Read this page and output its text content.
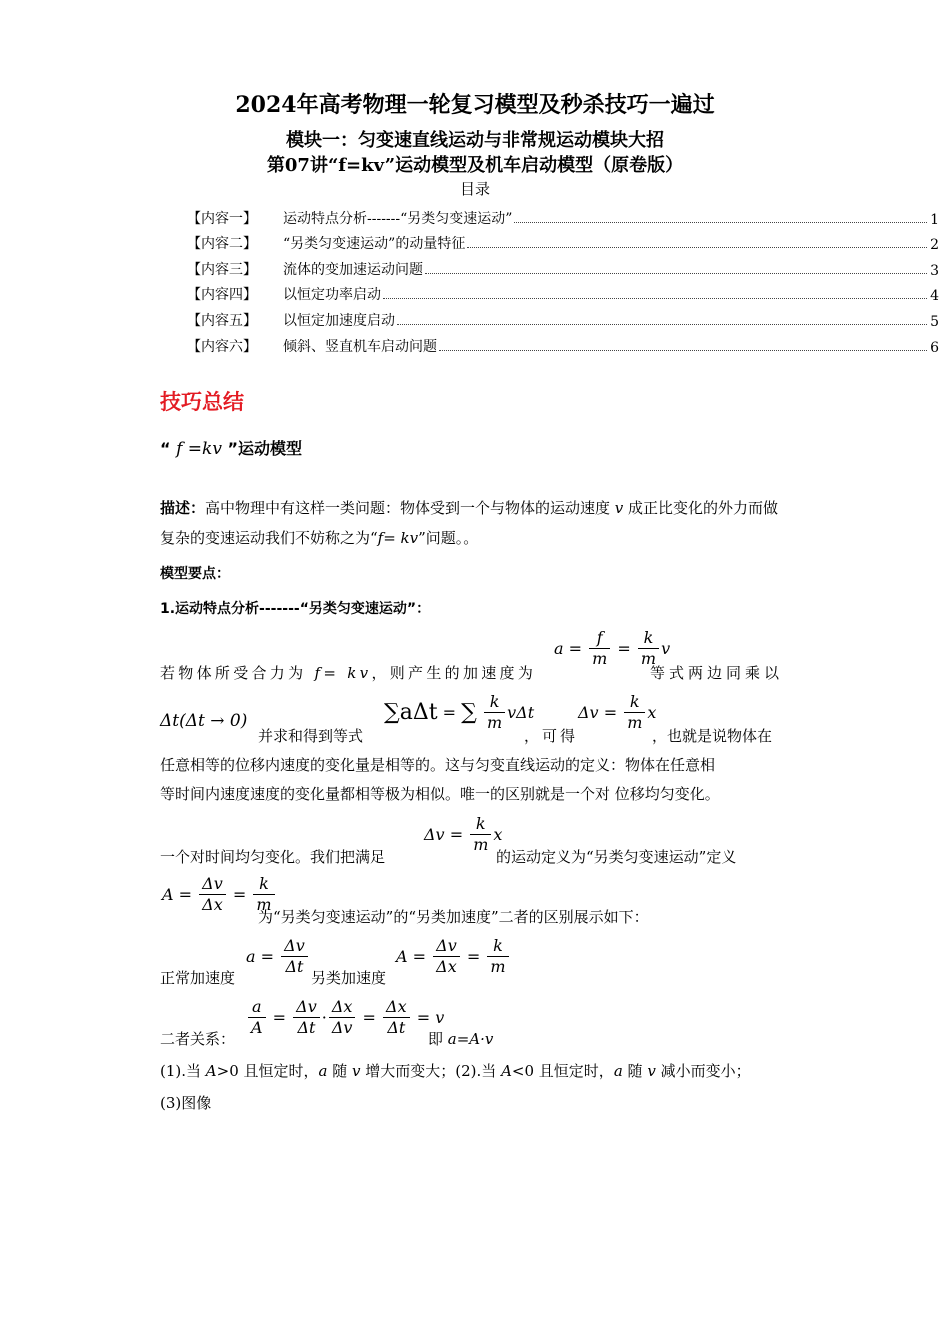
2024年高考物理一轮复习模型及秒杀技巧一遍过
模块一：匀变速直线运动与非常规运动模块大招
第07讲“f=kv”运动模型及机车启动模型（原卷版）
目录
【内容一】	运动特点分析-------“另类匀变速运动”	1
【内容二】	“另类匀变速运动”的动量特征	2
【内容三】	流体的变加速运动问题	3
【内容四】	以恒定功率启动	4
【内容五】	以恒定加速度启动	5
【内容六】	倾斜、竖直机车启动问题	6
技巧总结
“ f =kv ”运动模型
描述：高中物理中有这样一类问题：物体受到一个与物体的运动速度 v 成正比变化的外力而做复杂的变速运动我们不妨称之为“f= kv”问题。。
模型要点：
1.运动特点分析-------“另类匀变速运动”：
$a = \frac{f}{m} = \frac{k}{m}$ v
若物体所受合力为 f= kv，则产生的加速度为	等式两边同乘以
Δt(Δt → 0)
并求和得到等式
∑aΔt = ∑ $\frac{k}{m}$ vΔt
，可得
$\Delta v = \frac{k}{m}$ x
，也就是说物体在
任意相等的位移内速度的变化量是相等的。这与匀变直线运动的定义：物体在任意相
等时间内速度速度的变化量都相等极为相似。唯一的区别就是一个对 位移均匀变化。
一个对时间均匀变化。我们把满足
$\Delta v = \frac{k}{m}$ x
的运动定义为“另类匀变速运动”定义
$A = \frac{\Delta v}{\Delta x} = \frac{k}{m}$
为“另类匀变速运动”的“另类加速度”二者的区别展示如下：
正常加速度
$a = \frac{\Delta v}{\Delta t}$
另类加速度
$A = \frac{\Delta v}{\Delta x} = \frac{k}{m}$
二者关系：
$\frac{a}{A} = \frac{\Delta v}{\Delta t} \cdot \frac{\Delta x}{\Delta v} = \frac{\Delta x}{\Delta t} = v$
即 a=A·v
(1).当 A>0 且恒定时，a 随 v 增大而变大；(2).当 A<0 且恒定时，a 随 v 减小而变小；
(3)图像
